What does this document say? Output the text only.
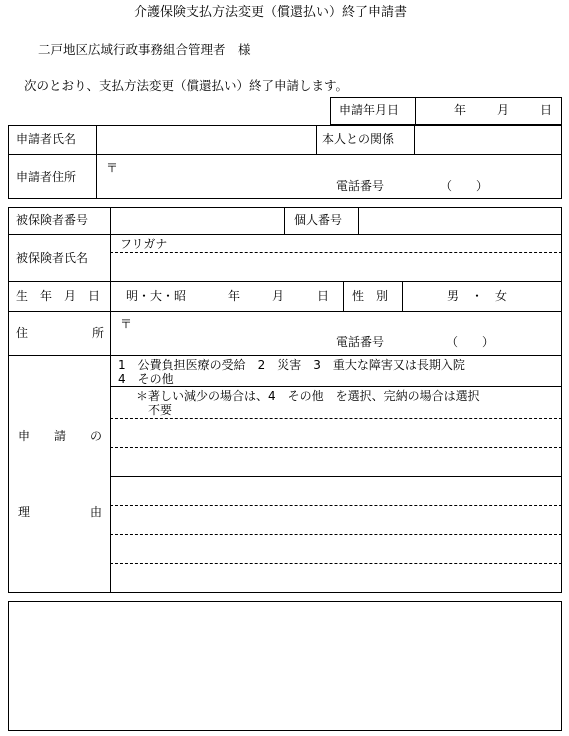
介護保険支払方法変更（償還払い）終了申請書
二戸地区広域行政事務組合管理者　様
次のとおり、支払方法変更（償還払い）終了申請します。
申請年月日	年	月	日
申請者氏名	本人との関係
申請者住所
〒
電話番号	（　　）
被保険者番号	個人番号
被保険者氏名
フリガナ
生　年　月　日 明・大・昭	年	月	日 性　別	男　・　女
住	所
〒
電話番号	（　　）
申 請 の
理	由
1　公費負担医療の受給　2　災害　3　重大な障害又は長期入院
4　その他
＊著しい減少の場合は、4　その他　を選択、完納の場合は選択
不要
